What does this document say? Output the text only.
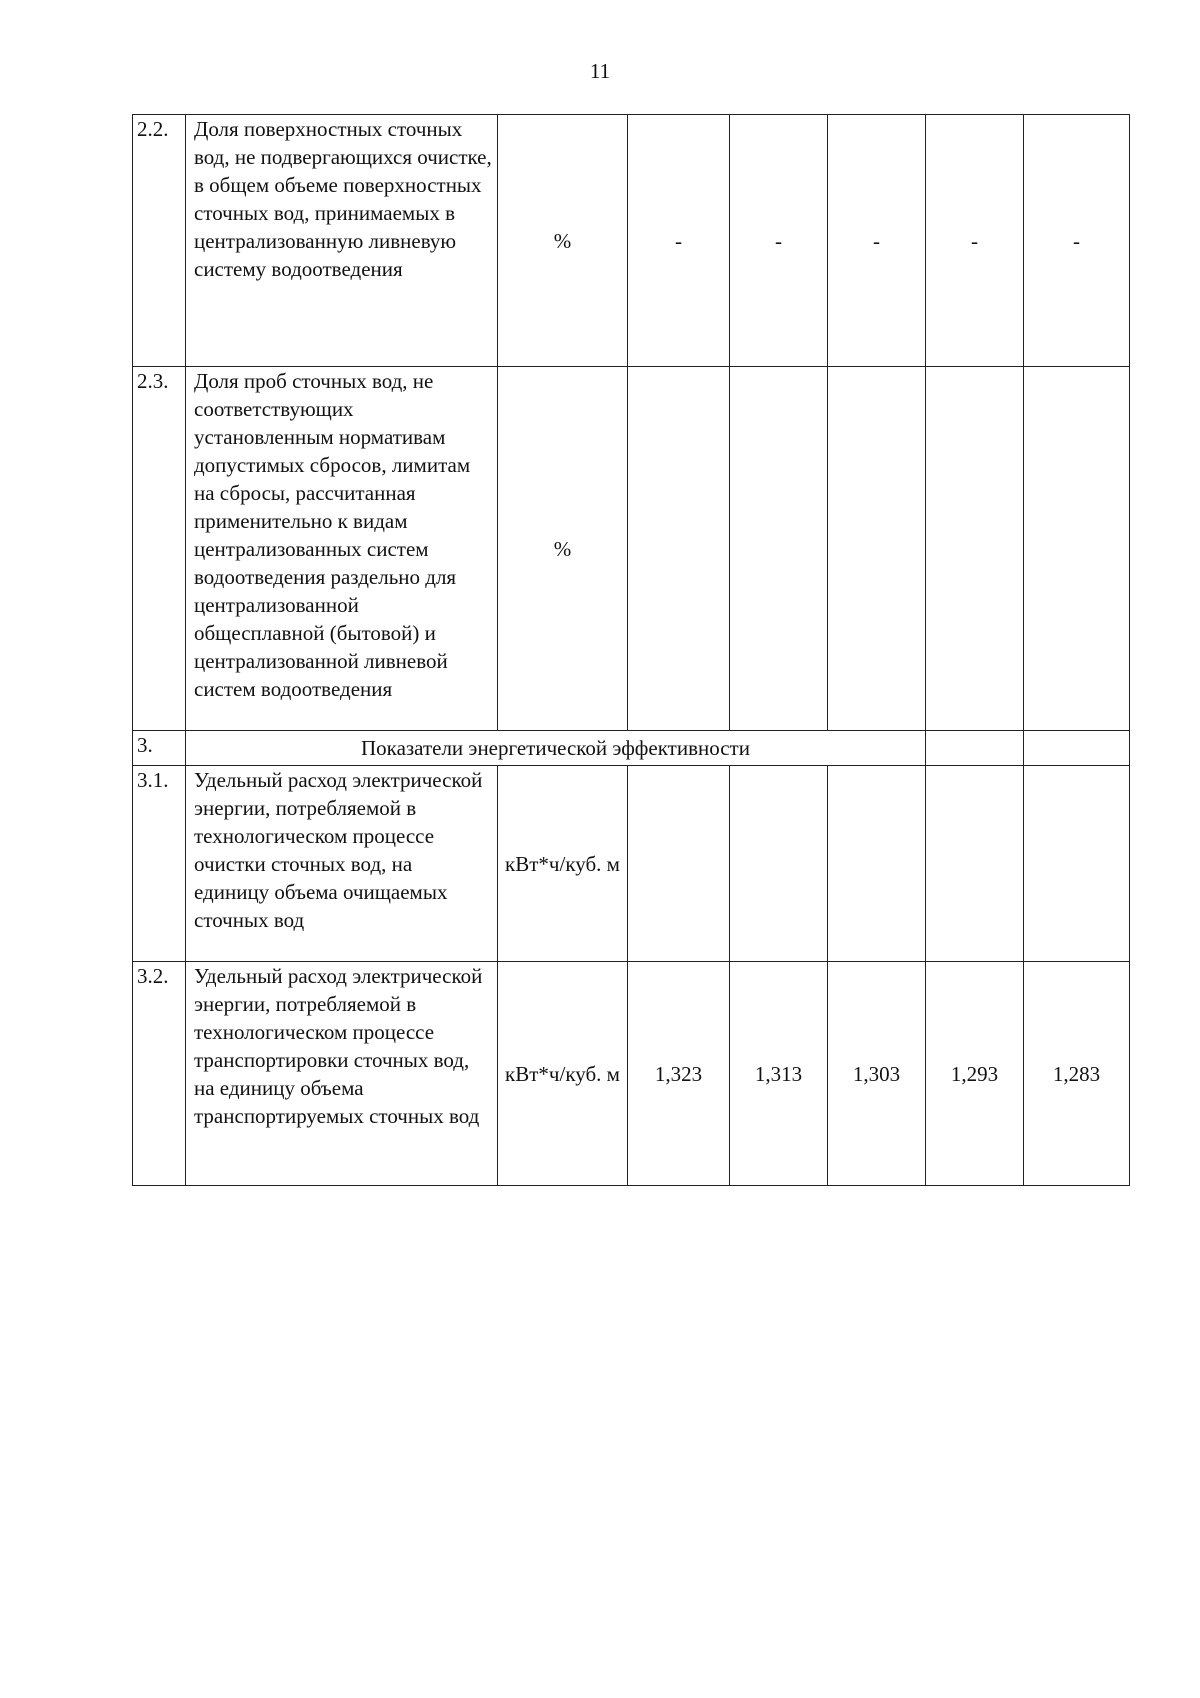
11
2.2.	Доля поверхностных сточных вод, не подвергающихся очистке, в общем объеме поверхностных сточных вод, принимаемых в централизованную ливневую систему водоотведения	%	-	-	-	-	-
2.3.	Доля проб сточных вод, не соответствующих установленным нормативам допустимых сбросов, лимитам на сбросы, рассчитанная применительно к видам централизованных систем водоотведения раздельно для централизованной общесплавной (бытовой) и централизованной ливневой систем водоотведения	%					
3.	Показатели энергетической эффективности						
3.1.	Удельный расход электрической энергии, потребляемой в технологическом процессе очистки сточных вод, на единицу объема очищаемых сточных вод	кВт*ч/куб. м					
3.2.	Удельный расход электрической энергии, потребляемой в технологическом процессе транспортировки сточных вод, на единицу объема транспортируемых сточных вод	кВт*ч/куб. м	1,323	1,313	1,303	1,293	1,283
